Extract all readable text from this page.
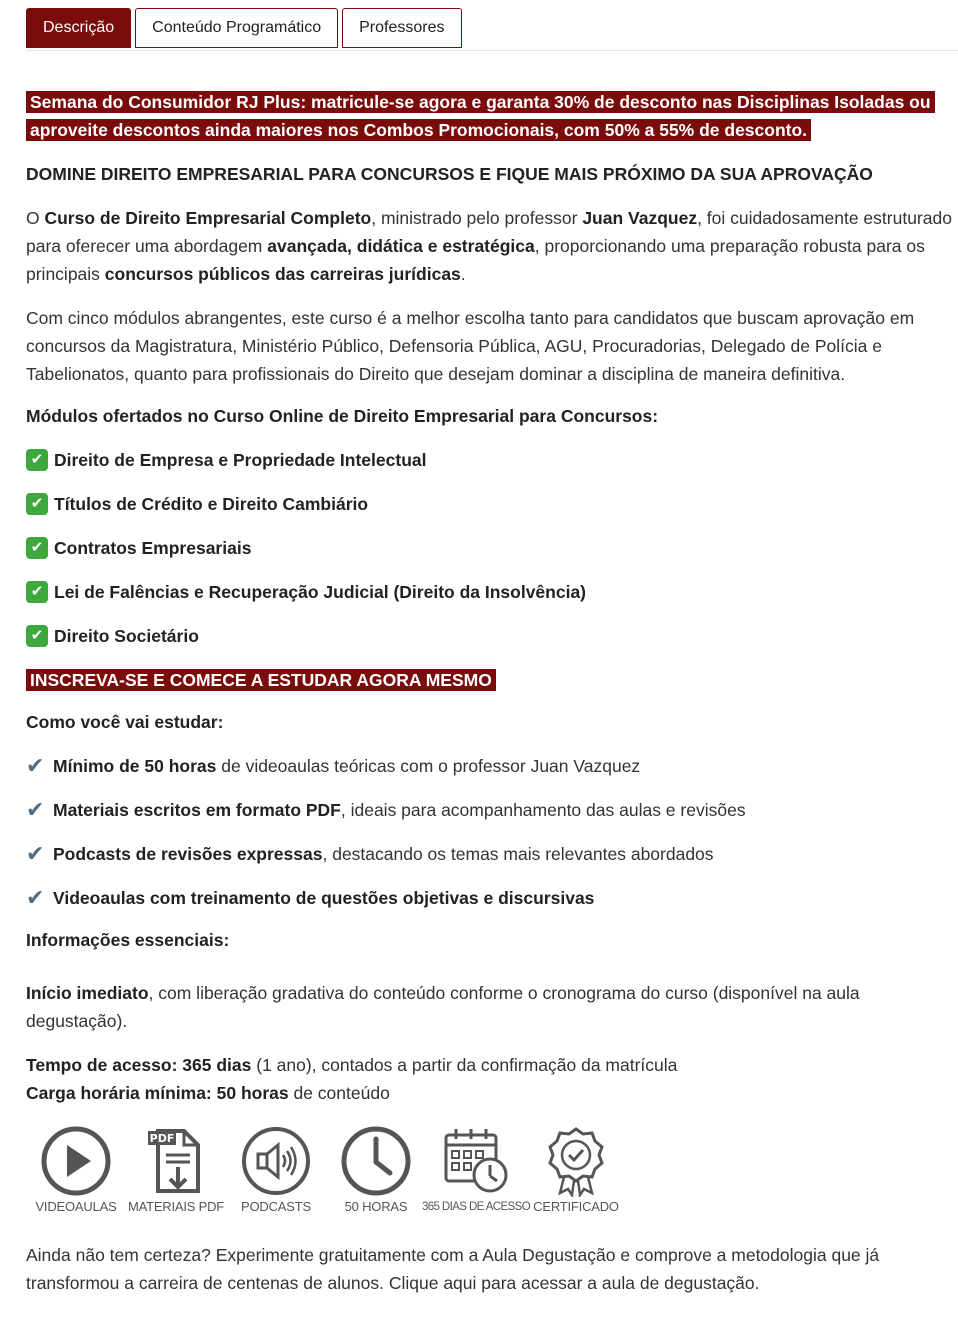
Descrição	Conteúdo Programático	Professores

Semana do Consumidor RJ Plus: matricule-se agora e garanta 30% de desconto nas Disciplinas Isoladas ou aproveite descontos ainda maiores nos Combos Promocionais, com 50% a 55% de desconto.

DOMINE DIREITO EMPRESARIAL PARA CONCURSOS E FIQUE MAIS PRÓXIMO DA SUA APROVAÇÃO

O Curso de Direito Empresarial Completo, ministrado pelo professor Juan Vazquez, foi cuidadosamente estruturado para oferecer uma abordagem avançada, didática e estratégica, proporcionando uma preparação robusta para os principais concursos públicos das carreiras jurídicas.

Com cinco módulos abrangentes, este curso é a melhor escolha tanto para candidatos que buscam aprovação em concursos da Magistratura, Ministério Público, Defensoria Pública, AGU, Procuradorias, Delegado de Polícia e Tabelionatos, quanto para profissionais do Direito que desejam dominar a disciplina de maneira definitiva.

Módulos ofertados no Curso Online de Direito Empresarial para Concursos:

✔ Direito de Empresa e Propriedade Intelectual
✔ Títulos de Crédito e Direito Cambiário
✔ Contratos Empresariais
✔ Lei de Falências e Recuperação Judicial (Direito da Insolvência)
✔ Direito Societário

INSCREVA-SE E COMECE A ESTUDAR AGORA MESMO

Como você vai estudar:

✔ Mínimo de 50 horas de videoaulas teóricas com o professor Juan Vazquez
✔ Materiais escritos em formato PDF, ideais para acompanhamento das aulas e revisões
✔ Podcasts de revisões expressas, destacando os temas mais relevantes abordados
✔ Videoaulas com treinamento de questões objetivas e discursivas

Informações essenciais:

Início imediato, com liberação gradativa do conteúdo conforme o cronograma do curso (disponível na aula degustação).

Tempo de acesso: 365 dias (1 ano), contados a partir da confirmação da matrícula

Carga horária mínima: 50 horas de conteúdo

VIDEOAULAS
PDF
MATERIAIS PDF PODCASTS	50 HORAS 365 DIAS DE ACESSO CERTIFICADO

Ainda não tem certeza? Experimente gratuitamente com a Aula Degustação e comprove a metodologia que já transformou a carreira de centenas de alunos. Clique aqui para acessar a aula de degustação.
